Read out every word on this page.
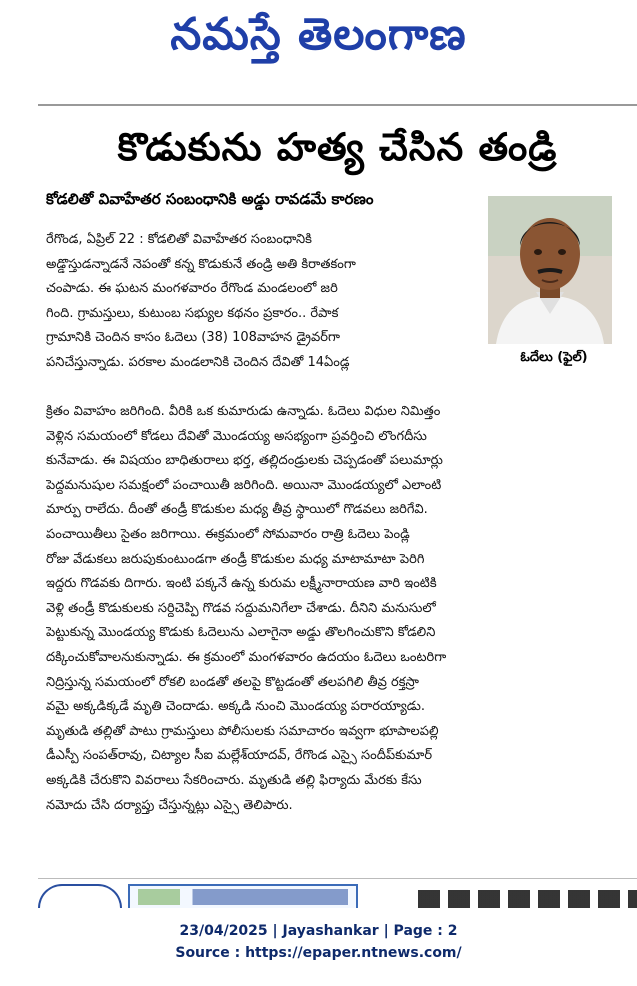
నమస్తే తెలంగాణ
కొడుకును హత్య చేసిన తండ్రి
కోడలితో వివాహేతర సంబంధానికి అడ్డు రావడమే కారణం
ఓదేలు (ఫైల్)

రేగొండ, ఏప్రిల్ 22 : కోడలితో వివాహేతర సంబంధానికి

అడ్డొస్తుడన్నాడనే నెపంతో కన్న కొడుకునే తండ్రి అతి కిరాతకంగా

చంపాడు. ఈ ఘటన మంగళవారం రేగొండ మండలంలో జరి

గింది. గ్రామస్తులు, కుటుంబ సభ్యుల కథనం ప్రకారం.. రేపాక

గ్రామానికి చెందిన కాసం ఓదెలు (38) 108వాహన డ్రైవర్‌గా

పనిచేస్తున్నాడు. పరకాల మండలానికి చెందిన దేవితో 14ఏండ్ల

క్రితం వివాహం జరిగింది. వీరికి ఒక కుమారుడు ఉన్నాడు. ఓదెలు విధుల నిమిత్తం

వెళ్లిన సమయంలో కోడలు దేవితో మొండయ్య అసభ్యంగా ప్రవర్తించి లొంగదీసు

కునేవాడు. ఈ విషయం బాధితురాలు భర్త, తల్లిదండ్రులకు చెప్పడంతో పలుమార్లు

పెద్దమనుషుల సమక్షంలో పంచాయితీ జరిగింది. అయినా మొండయ్యలో ఎలాంటి

మార్పు రాలేదు. దీంతో తండ్రీ కొడుకుల మధ్య తీవ్ర స్థాయిలో గొడవలు జరిగేవి.

పంచాయితీలు సైతం జరిగాయి. ఈక్రమంలో సోమవారం రాత్రి ఓదెలు పెండ్లి

రోజు వేడుకలు జరుపుకుంటుండగా తండ్రీ కొడుకుల మధ్య మాటామాటా పెరిగి

ఇద్దరు గొడవకు దిగారు. ఇంటి పక్కనే ఉన్న కురుమ లక్ష్మీనారాయణ వారి ఇంటికి

వెళ్లి తండ్రీ కొడుకులకు సర్దిచెప్పి గొడవ సద్దుమనిగేలా చేశాడు. దీనిని మనుసులో

పెట్టుకున్న మొండయ్య కొడుకు ఓదెలును ఎలాగైనా అడ్డు తొలగించుకొని కోడలిని

దక్కించుకోవాలనుకున్నాడు. ఈ క్రమంలో మంగళవారం ఉదయం ఓదెలు ఒంటరిగా

నిద్రిస్తున్న సమయంలో రోకలి బండతో తలపై కొట్టడంతో తలపగిలి తీవ్ర రక్తస్రా

వమై అక్కడిక్కడే మృతి చెందాడు. అక్కడి నుంచి మొండయ్య పరారయ్యాడు.

మృతుడి తల్లితో పాటు గ్రామస్తులు పోలీసులకు సమాచారం ఇవ్వగా భూపాలపల్లి

డీఎస్పీ సంపత్‌రావు, చిట్యాల సీఐ మల్లేశ్‌యాదవ్, రేగొండ ఎస్సై సందీప్‌కుమార్

అక్కడికి చేరుకొని వివరాలు సేకరించారు. మృతుడి తల్లి ఫిర్యాదు మేరకు కేసు

నమోదు చేసి దర్యాప్తు చేస్తున్నట్లు ఎస్సై తెలిపారు.

23/04/2025 | Jayashankar | Page : 2
Source : https://epaper.ntnews.com/
